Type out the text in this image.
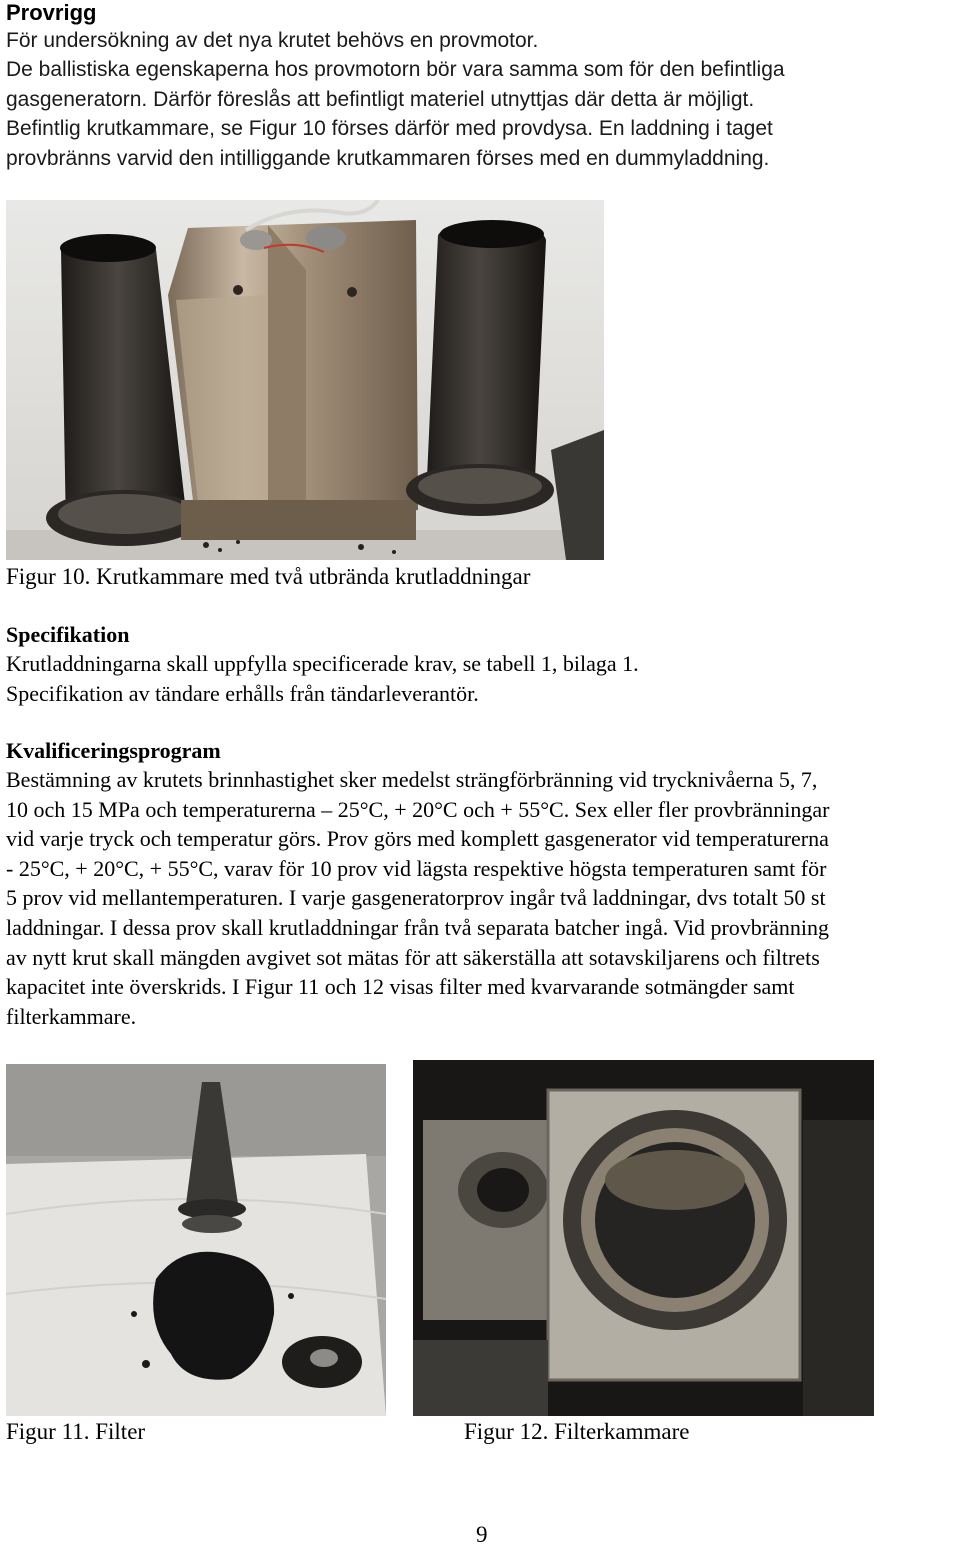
Provrigg
För undersökning av det nya krutet behövs en provmotor.
De ballistiska egenskaperna hos provmotorn bör vara samma som för den befintliga
gasgeneratorn. Därför föreslås att befintligt materiel utnyttjas där detta är möjligt.
Befintlig krutkammare, se Figur 10 förses därför med provdysa. En laddning i taget
provbränns varvid den intilliggande krutkammaren förses med en dummyladdning.
Figur 10. Krutkammare med två utbrända krutladdningar
Specifikation
Krutladdningarna skall uppfylla specificerade krav, se tabell 1, bilaga 1.
Specifikation av tändare erhålls från tändarleverantör.
Kvalificeringsprogram
Bestämning av krutets brinnhastighet sker medelst strängförbränning vid trycknivåerna 5, 7,
10 och 15 MPa och temperaturerna – 25°C, + 20°C och + 55°C. Sex eller fler provbränningar
vid varje tryck och temperatur görs. Prov görs med komplett gasgenerator vid temperaturerna
- 25°C, + 20°C, + 55°C, varav för 10 prov vid lägsta respektive högsta temperaturen samt för
5 prov vid mellantemperaturen. I varje gasgeneratorprov ingår två laddningar, dvs totalt 50 st
laddningar. I dessa prov skall krutladdningar från två separata batcher ingå. Vid provbränning
av nytt krut skall mängden avgivet sot mätas för att säkerställa att sotavskiljarens och filtrets
kapacitet inte överskrids. I Figur 11 och 12 visas filter med kvarvarande sotmängder samt
filterkammare.
Figur 11. Filter	Figur 12. Filterkammare
9
